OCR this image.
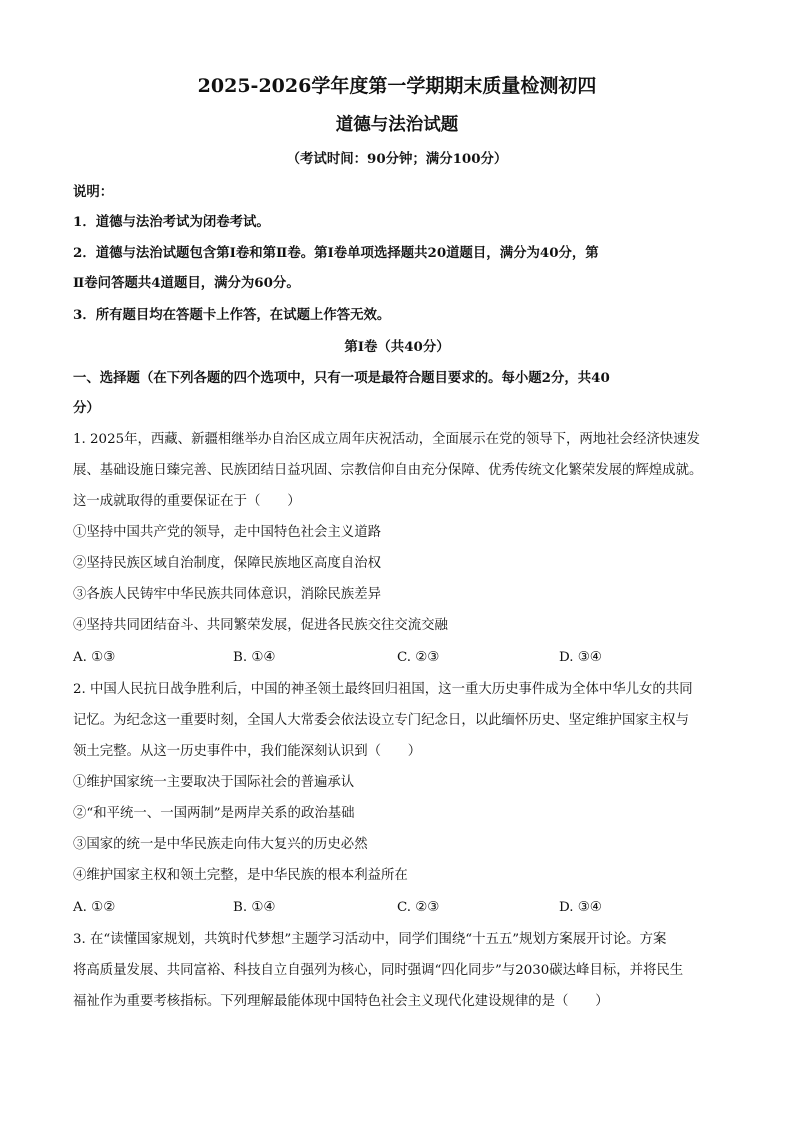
2025-2026学年度第一学期期末质量检测初四
道德与法治试题
（考试时间：90分钟；满分100分）
说明：
1．道德与法治考试为闭卷考试。
2．道德与法治试题包含第Ⅰ卷和第Ⅱ卷。第Ⅰ卷单项选择题共20道题目，满分为40分，第
Ⅱ卷问答题共4道题目，满分为60分。
3．所有题目均在答题卡上作答，在试题上作答无效。
第Ⅰ卷（共40分）
一、选择题（在下列各题的四个选项中，只有一项是最符合题目要求的。每小题2分，共40
分）
1. 2025年，西藏、新疆相继举办自治区成立周年庆祝活动，全面展示在党的领导下，两地社会经济快速发
展、基础设施日臻完善、民族团结日益巩固、宗教信仰自由充分保障、优秀传统文化繁荣发展的辉煌成就。
这一成就取得的重要保证在于（　　）
①坚持中国共产党的领导，走中国特色社会主义道路
②坚持民族区域自治制度，保障民族地区高度自治权
③各族人民铸牢中华民族共同体意识，消除民族差异
④坚持共同团结奋斗、共同繁荣发展，促进各民族交往交流交融
A. ①③	B. ①④	C. ②③	D. ③④
2. 中国人民抗日战争胜利后，中国的神圣领土最终回归祖国，这一重大历史事件成为全体中华儿女的共同
记忆。为纪念这一重要时刻，全国人大常委会依法设立专门纪念日，以此缅怀历史、坚定维护国家主权与
领土完整。从这一历史事件中，我们能深刻认识到（　　）
①维护国家统一主要取决于国际社会的普遍承认
②“和平统一、一国两制”是两岸关系的政治基础
③国家的统一是中华民族走向伟大复兴的历史必然
④维护国家主权和领土完整，是中华民族的根本利益所在
A. ①②	B. ①④	C. ②③	D. ③④
3. 在“读懂国家规划，共筑时代梦想”主题学习活动中，同学们围绕“十五五”规划方案展开讨论。方案
将高质量发展、共同富裕、科技自立自强列为核心，同时强调“四化同步”与2030碳达峰目标，并将民生
福祉作为重要考核指标。下列理解最能体现中国特色社会主义现代化建设规律的是（　　）
